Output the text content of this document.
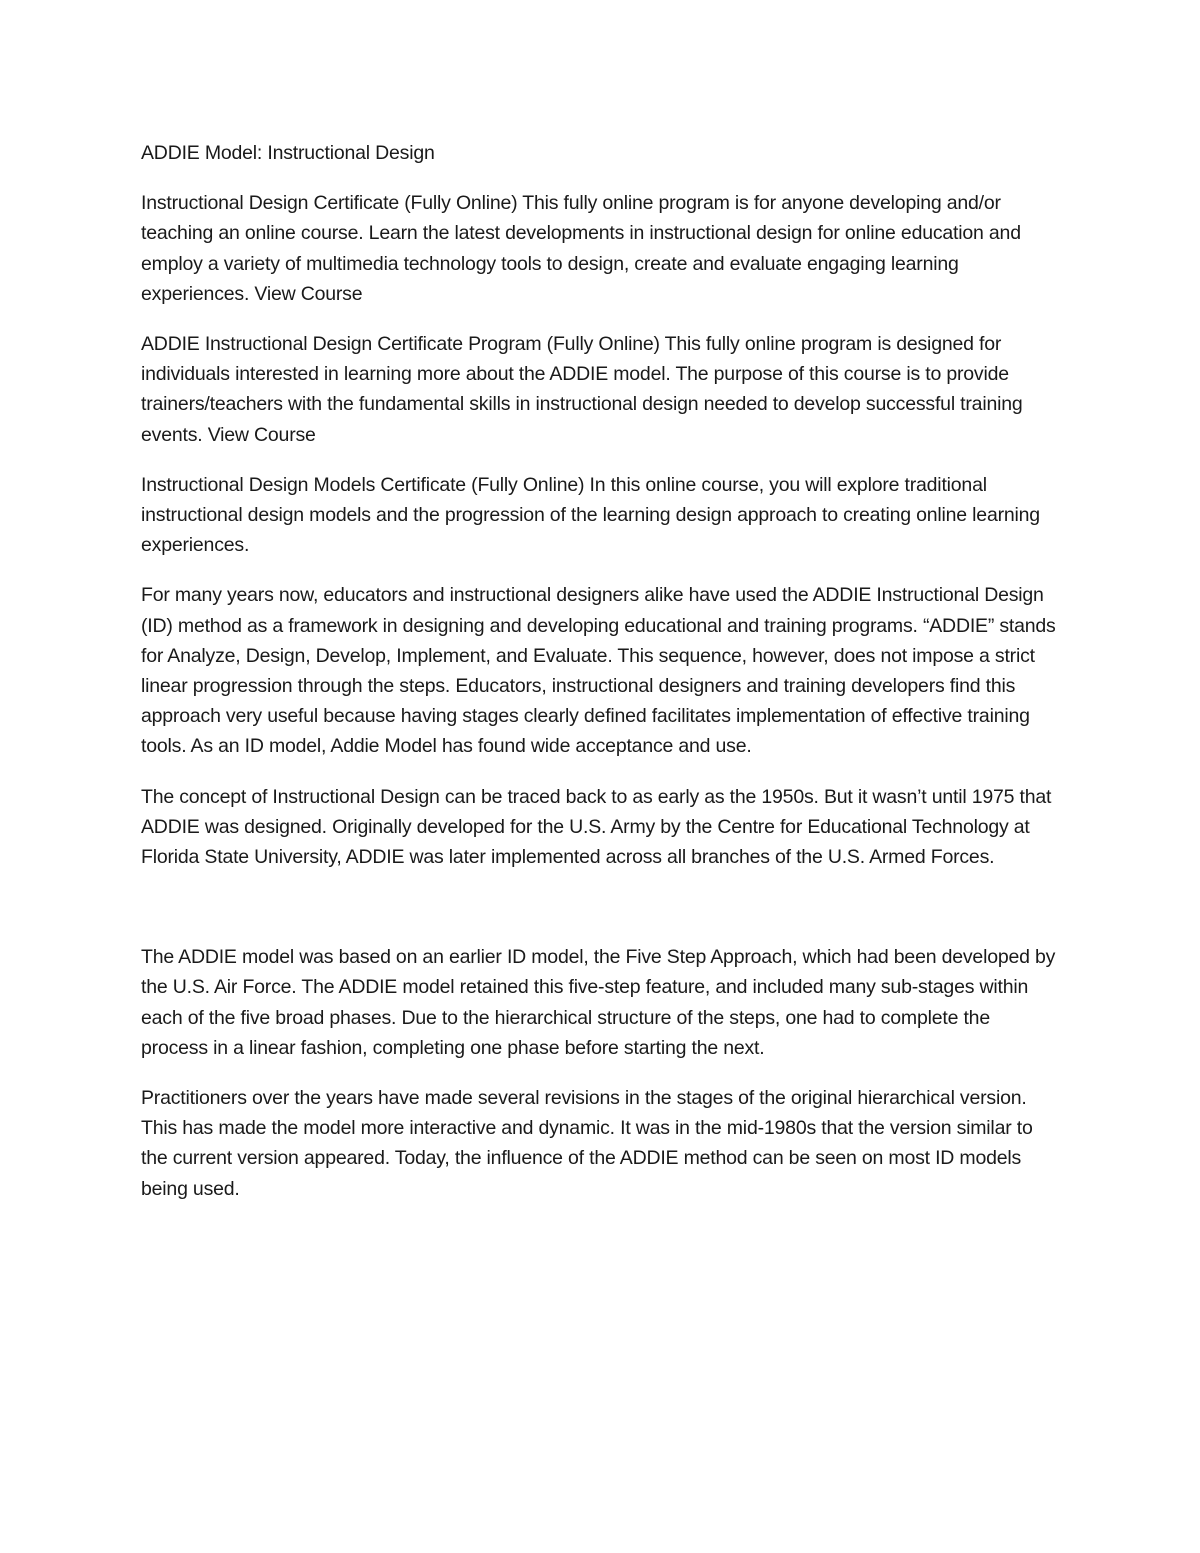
ADDIE Model: Instructional Design

Instructional Design Certificate (Fully Online) This fully online program is for anyone developing and/or teaching an online course. Learn the latest developments in instructional design for online education and employ a variety of multimedia technology tools to design, create and evaluate engaging learning experiences. View Course

ADDIE Instructional Design Certificate Program (Fully Online) This fully online program is designed for individuals interested in learning more about the ADDIE model. The purpose of this course is to provide trainers/teachers with the fundamental skills in instructional design needed to develop successful training events. View Course

Instructional Design Models Certificate (Fully Online) In this online course, you will explore traditional instructional design models and the progression of the learning design approach to creating online learning experiences.

For many years now, educators and instructional designers alike have used the ADDIE Instructional Design (ID) method as a framework in designing and developing educational and training programs. “ADDIE” stands for Analyze, Design, Develop, Implement, and Evaluate. This sequence, however, does not impose a strict linear progression through the steps. Educators, instructional designers and training developers find this approach very useful because having stages clearly defined facilitates implementation of effective training tools. As an ID model, Addie Model has found wide acceptance and use.

The concept of Instructional Design can be traced back to as early as the 1950s. But it wasn’t until 1975 that ADDIE was designed. Originally developed for the U.S. Army by the Centre for Educational Technology at Florida State University, ADDIE was later implemented across all branches of the U.S. Armed Forces.

The ADDIE model was based on an earlier ID model, the Five Step Approach, which had been developed by the U.S. Air Force. The ADDIE model retained this five-step feature, and included many sub-stages within each of the five broad phases. Due to the hierarchical structure of the steps, one had to complete the process in a linear fashion, completing one phase before starting the next.

Practitioners over the years have made several revisions in the stages of the original hierarchical version. This has made the model more interactive and dynamic. It was in the mid-1980s that the version similar to the current version appeared. Today, the influence of the ADDIE method can be seen on most ID models being used.
